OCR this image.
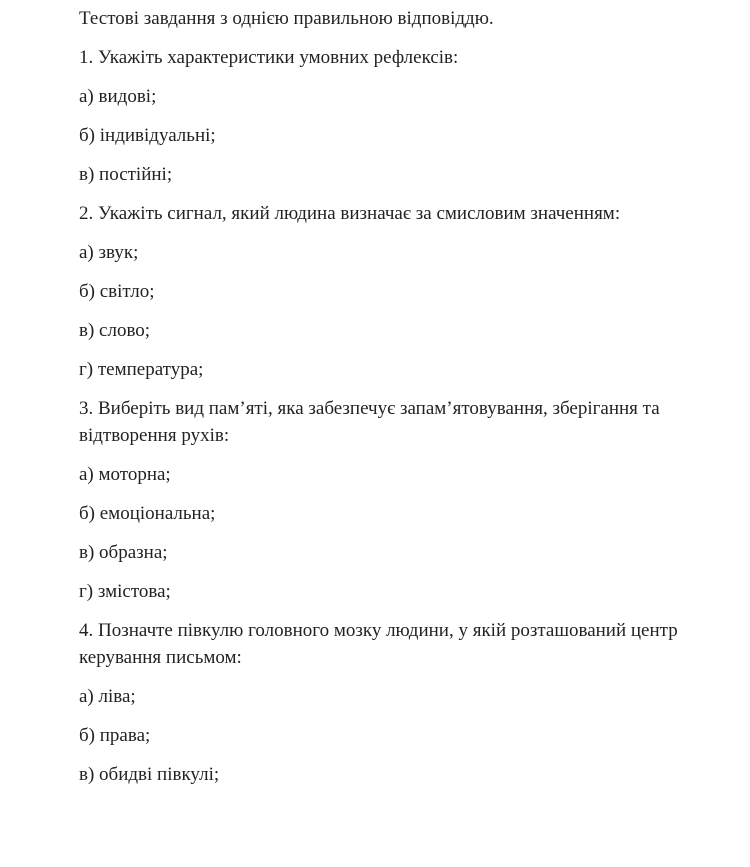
Тестові завдання з однією правильною відповіддю.
1. Укажіть характеристики умовних рефлексів:
а) видові;
б) індивідуальні;
в) постійні;
2. Укажіть сигнал, який людина визначає за смисловим значенням:
а) звук;
б) світло;
в) слово;
г) температура;
3. Виберіть вид пам’яті, яка забезпечує запам’ятовування, зберігання та
відтворення рухів:
а) моторна;
б) емоціональна;
в) образна;
г) змістова;
4. Позначте півкулю головного мозку людини, у якій розташований центр
керування письмом:
а) ліва;
б) права;
в) обидві півкулі;
